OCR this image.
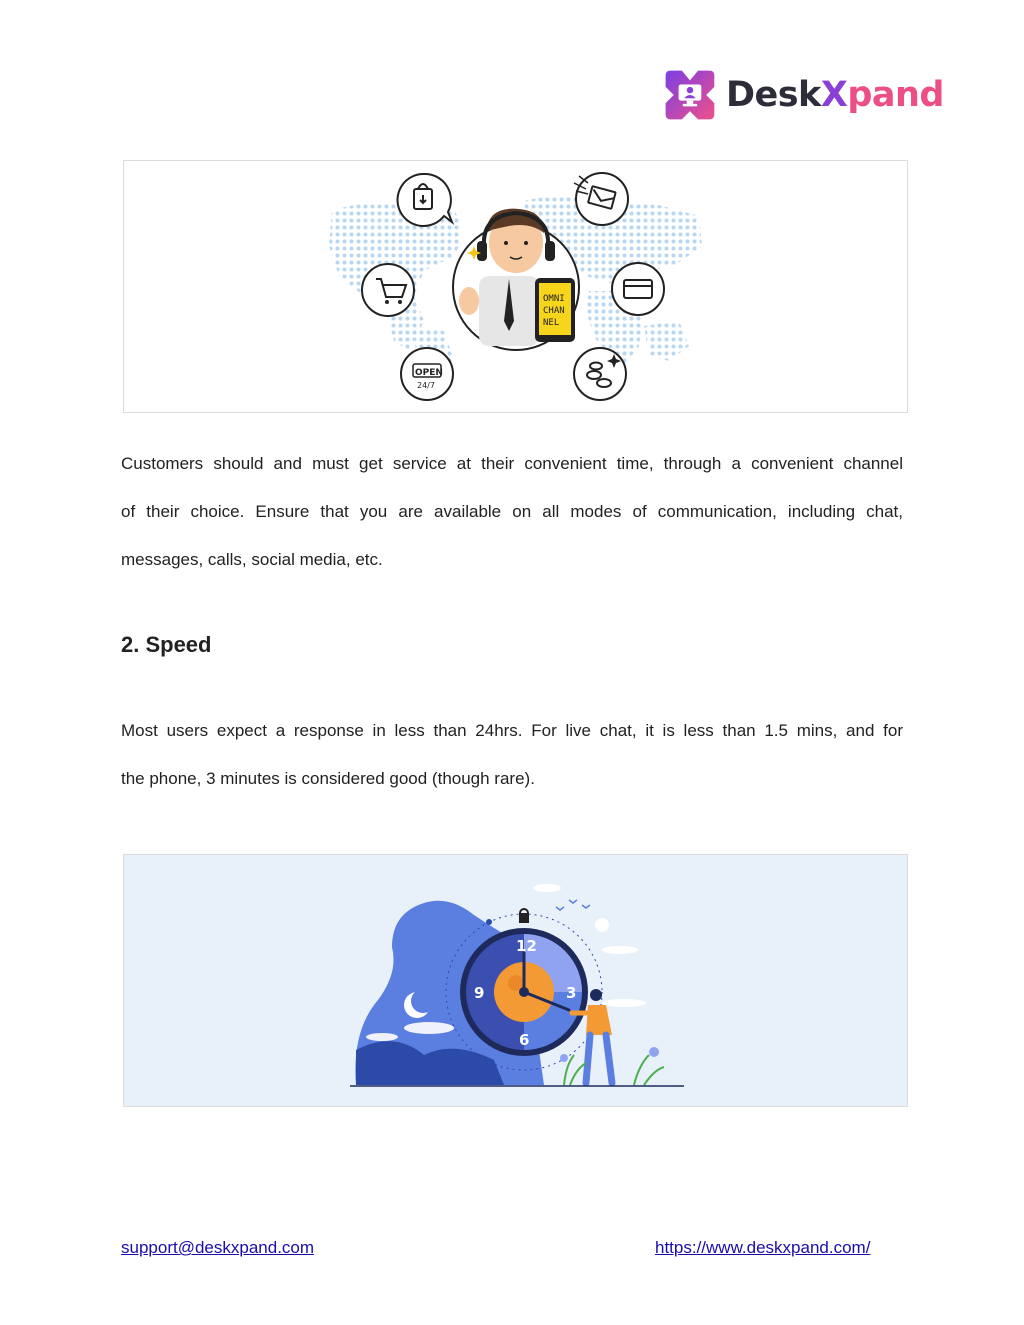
DeskXpand
OMNI
CHAN
NEL
OPEN
24/7
Customers should and must get service at their convenient time, through a convenient channel
of their choice. Ensure that you are available on all modes of communication, including chat,
messages, calls, social media, etc.
2. Speed
Most users expect a response in less than 24hrs. For live chat, it is less than 1.5 mins, and for
the phone, 3 minutes is considered good (though rare).
12
3
6
9
support@deskxpand.com	https://www.deskxpand.com/
